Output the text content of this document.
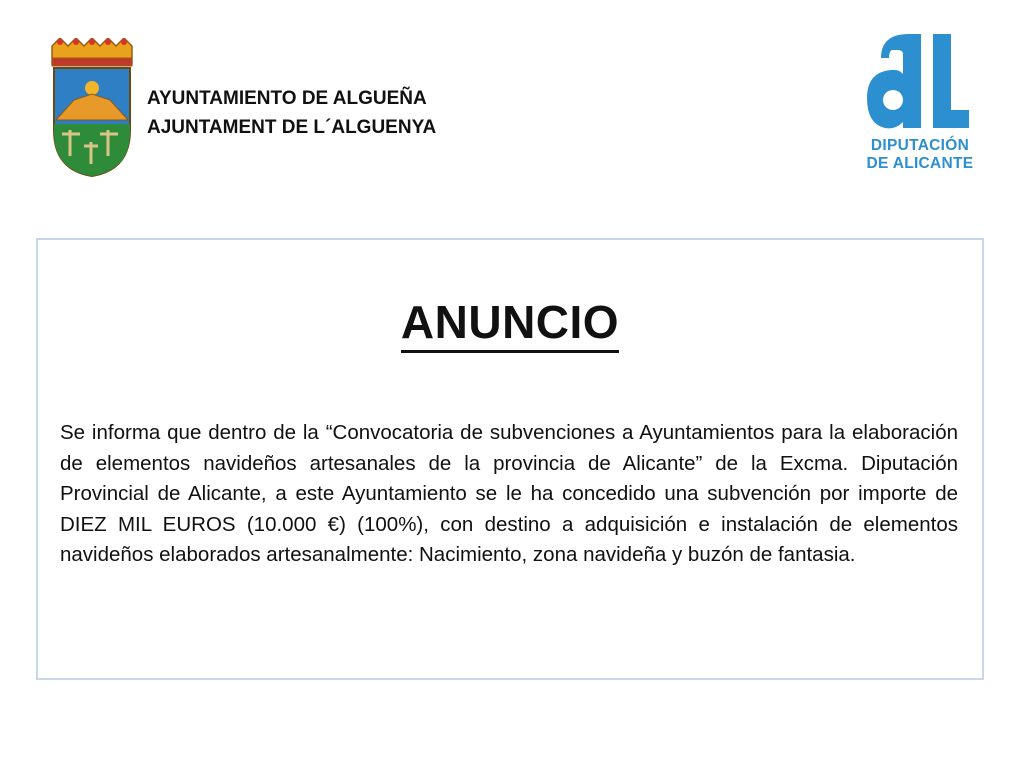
AYUNTAMIENTO DE ALGUEÑA
AJUNTAMENT DE L´ALGUENYA
DIPUTACIÓN
DE ALICANTE
ANUNCIO
Se informa que dentro de la “Convocatoria de subvenciones a Ayuntamientos para la elaboración de elementos navideños artesanales de la provincia de Alicante” de la Excma. Diputación Provincial de Alicante, a este Ayuntamiento se le ha concedido una subvención por importe de DIEZ MIL EUROS (10.000 €) (100%), con destino a adquisición e instalación de elementos navideños elaborados artesanalmente: Nacimiento, zona navideña y buzón de fantasia.
